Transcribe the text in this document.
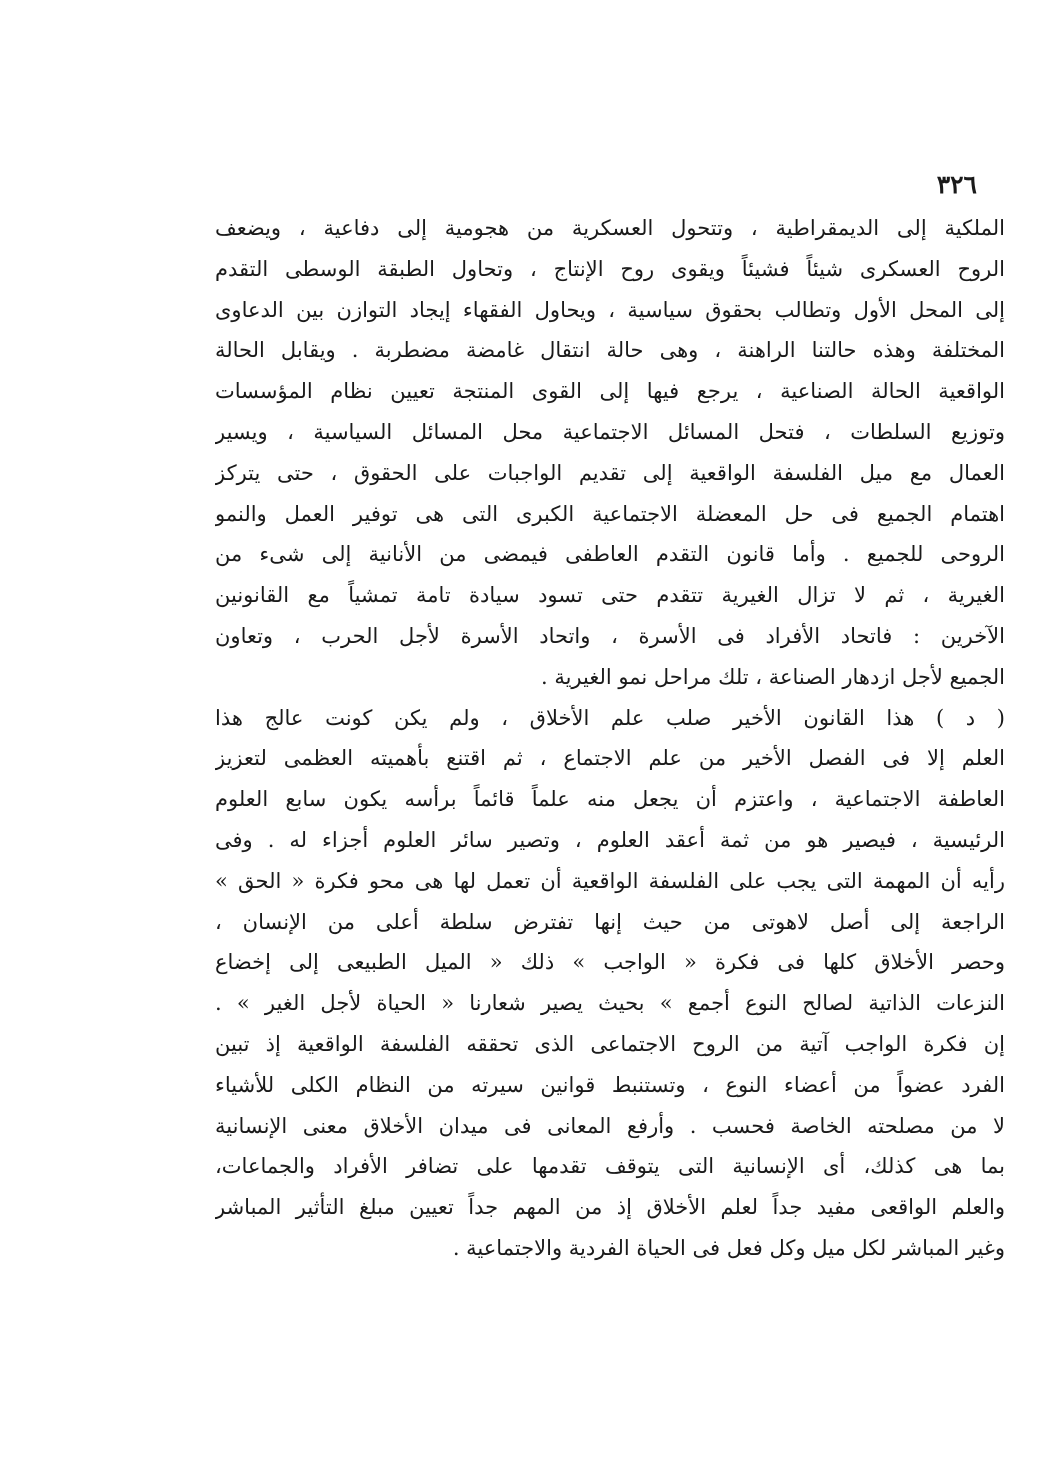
٣٢٦
الملكية إلى الديمقراطية ، وتتحول العسكرية من هجومية إلى دفاعية ، ويضعف
الروح العسكرى شيئاً فشيئاً ويقوى روح الإنتاج ، وتحاول الطبقة الوسطى التقدم
إلى المحل الأول وتطالب بحقوق سياسية ، ويحاول الفقهاء إيجاد التوازن بين الدعاوى
المختلفة وهذه حالتنا الراهنة ، وهى حالة انتقال غامضة مضطربة . ويقابل الحالة
الواقعية الحالة الصناعية ، يرجع فيها إلى القوى المنتجة تعيين نظام المؤسسات
وتوزيع السلطات ، فتحل المسائل الاجتماعية محل المسائل السياسية ، ويسير
العمال مع ميل الفلسفة الواقعية إلى تقديم الواجبات على الحقوق ، حتى يتركز
اهتمام الجميع فى حل المعضلة الاجتماعية الكبرى التى هى توفير العمل والنمو
الروحى للجميع . وأما قانون التقدم العاطفى فيمضى من الأنانية إلى شىء من
الغيرية ، ثم لا تزال الغيرية تتقدم حتى تسود سيادة تامة تمشياً مع القانونين
الآخرين : فاتحاد الأفراد فى الأسرة ، واتحاد الأسرة لأجل الحرب ، وتعاون
الجميع لأجل ازدهار الصناعة ، تلك مراحل نمو الغيرية .
( د ) هذا القانون الأخير صلب علم الأخلاق ، ولم يكن كونت عالج هذا
العلم إلا فى الفصل الأخير من علم الاجتماع ، ثم اقتنع بأهميته العظمى لتعزيز
العاطفة الاجتماعية ، واعتزم أن يجعل منه علماً قائماً برأسه يكون سابع العلوم
الرئيسية ، فيصير هو من ثمة أعقد العلوم ، وتصير سائر العلوم أجزاء له . وفى
رأيه أن المهمة التى يجب على الفلسفة الواقعية أن تعمل لها هى محو فكرة « الحق »
الراجعة إلى أصل لاهوتى من حيث إنها تفترض سلطة أعلى من الإنسان ،
وحصر الأخلاق كلها فى فكرة « الواجب » ذلك « الميل الطبيعى إلى إخضاع
النزعات الذاتية لصالح النوع أجمع » بحيث يصير شعارنا « الحياة لأجل الغير » .
إن فكرة الواجب آتية من الروح الاجتماعى الذى تحققه الفلسفة الواقعية إذ تبين
الفرد عضواً من أعضاء النوع ، وتستنبط قوانين سيرته من النظام الكلى للأشياء
لا من مصلحته الخاصة فحسب . وأرفع المعانى فى ميدان الأخلاق معنى الإنسانية
بما هى كذلك، أى الإنسانية التى يتوقف تقدمها على تضافر الأفراد والجماعات،
والعلم الواقعى مفيد جداً لعلم الأخلاق إذ من المهم جداً تعيين مبلغ التأثير المباشر
وغير المباشر لكل ميل وكل فعل فى الحياة الفردية والاجتماعية .
